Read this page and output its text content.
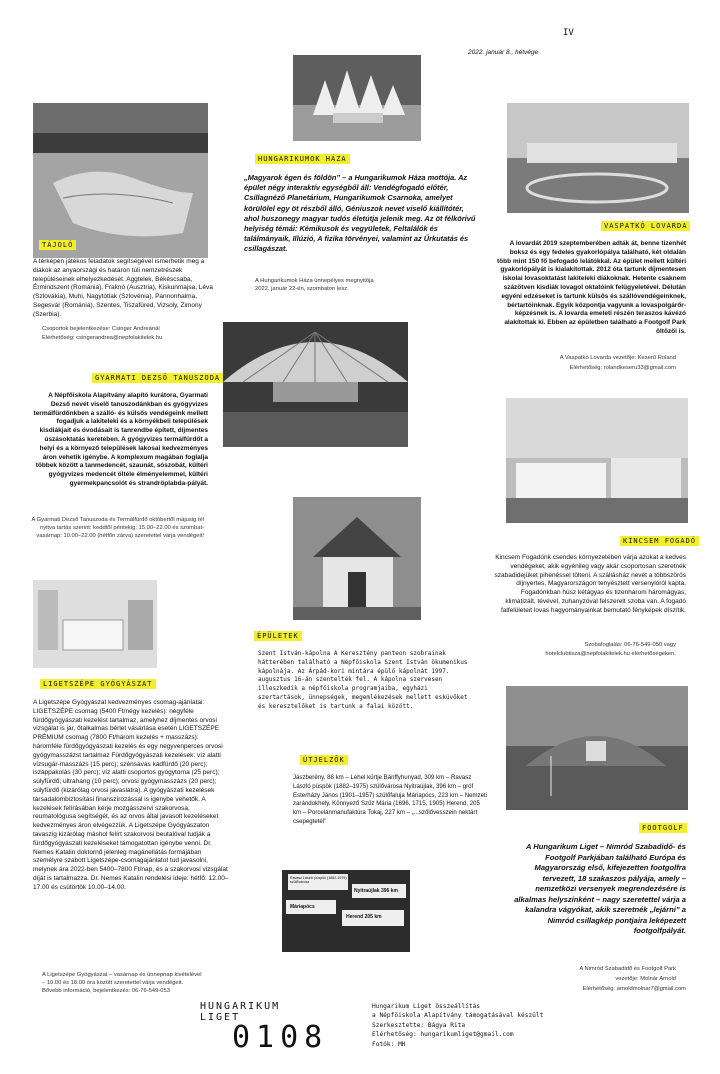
IV
2022. január 8., hétvége
Ravasz László püspök (1882-1975) szülővárosa
Nyitraújlak 396 km
Herend 205 km
Máriapócs
TÁJOLÓ
A térképen játékos feladatok segítségével ismerhetik meg a diákok az anyaországi és határon túli nemzetrészek településeinek elhelyezkedését. Aggtelek, Békéscsaba, Érmindszent (Románia), Fraknó (Ausztria), Kiskunmajsa, Léva (Szlovákia), Muhi, Nagytótlak (Szlovénia), Pannonhalma, Segesvár (Románia), Szentes, Tiszafüred, Vizsoly, Zimony (Szerbia).
Csoportok bejelentkezése: Csinger Andreánál
Elérhetőség: csingerandrea@nepfolakitelek.hu
HUNGARIKUMOK HÁZA
„Magyarok égen és földön” – a Hungarikumok Háza mottója. Az épület négy interaktív egységből áll: Vendégfogadó előtér, Csillagnéző Planetárium, Hungarikumok Csarnoka, amelyet körülölel egy öt részből álló, Géniuszok nevet viselő kiállítótér, ahol huszonegy magyar tudós életútja jelenik meg. Az öt félkörívű helyiség témái: Kémikusok és vegyületek, Feltalálók és találmányaik, Illúzió, A fizika törvényei, valamint az Űrkutatás és csillagászat.
A Hungarikumok Háza ünnepélyes megnyitója 2022. január 22-én, szombaton lesz.
VASPATKÓ LOVARDA
A lovardát 2019 szeptemberében adták át, benne tizenhét boksz és egy fedeles gyakorlópálya található, két oldalán több mint 150 fő befogadó lelátókkal. Az épület mellett kültéri gyakorlópályát is kialakítottak. 2012 óta tartunk díjmentesen iskolai lovasoktatást lakiteleki diákoknak. Hetente csaknem százötven kisdiák lovagol oktatóink felügyeletével. Délután egyéni edzéseket is tartunk külsős és szállóvendégeinknek, bértartóinknak. Egyik központja vagyunk a lovaspolgárőr-képzésnek is. A lovarda emeleti részén teraszos kávézó alakítottak ki. Ebben az épületben található a Footgolf Park öltözői is.
A Vaspatkó Lovarda vezetője: Keserű Roland
Elérhetőség: rolandkeseru33@gmail.com
GYARMATI DEZSŐ TANUSZODA
A Népfőiskola Alapítvány alapító kurátora, Gyarmati Dezső nevét viselő tanuszodánkban és gyógyvizes termálfürdőnkben a szálló- és külsős vendégeink mellett fogadjuk a lakiteleki és a környékbeli települések kisdiákjait és óvodásait is tanrendbe épített, díjmentes úszásoktatás keretében. A gyógyvizes termálfürdőt a helyi és a környező települések lakosai kedvezményes áron vehetik igénybe. A komplexum magában foglalja többek között a tanmedencét, szaunát, sószobát, kültéri gyógyvizes medencét öltéle élményelemmel, kültéri gyermekpancsolót és strandröplabda-pályát.
A Gyarmati Dezső Tanuszoda és Termálfürdő októbertől májusig tél nyitva tartás szerint: keddtől péntekig: 15.00–22.00 és szombat-vasárnap: 10.00–22.00 (hétfőn zárva) szeretettel várja vendégeit!
KINCSEM FOGADÓ
Kincsem Fogadónk csendes környezetében várja azokat a kedves vendégeket, akik egyénileg vagy akár csoportosan szeretnék szabadidejüket pihenéssel tölteni. A szállásház nevét a többszörös díjnyertes, Magyarországon tenyésztett versenylóról kapta. Fogadónkban húsz kétágyas és tizenhárom háromágyas, klimatizált, tévével, zuhanyzóval felszerelt szoba van. A fogadó falfelületeit lovas hagyományainkat bemutató fényképek díszítik.
Szobafoglalás: 06-76-549-050 vagy
hotelclubtisza@nepfolakitelek.hu elérhetőségeken.
ÉPÜLETEK
Szent István-kápolna A Keresztény panteon szobrainak hátterében található a Népfőiskola Szent István ökumenikus kápolnája. Az Árpád-kori mintára épülő kápolnát 1997. augusztus 16-án szentelték fel. A kápolna szervesen illeszkedik a népfőiskola programjaiba, egyházi szertartások, ünnepségek, megemlékezések mellett esküvőket és keresztelőket is tartunk a falai között.
LIGETSZÉPE GYÓGYÁSZAT
A Ligetszépe Gyógyászat kedvezményes csomag-ajánlatai: LIGETSZÉPE csomag (5400 Ft/négy kezelés): négyféle fürdőgyógyászati kezelést tartalmaz, amelyhez díjmentes orvosi vizsgálat is jár, őtalkalmas bérlet vásárlása esetén LIGETSZÉPE PRÉMIUM csomag (7800 Ft/három kezelés + masszázs): háromféle fürdőgyógyászati kezelés és egy negyvenperces orvosi gyógymasszázst tartalmaz Fürdőgyógyászati kezelések: víz alatti vízsugár-masszázs (15 perc); szénsavas kádfürdő (20 perc); iszappakolás (30 perc); víz alatti csoportos gyógytorna (25 perc); súlyfürdő; ultrahang (10 perc); orvosi gyógymasszázs (20 perc); súlyfürdő (kizárólag orvosi javaslatra). A gyógyászati kezelések társadalombiztosítási finanszírozással is igénybe vehetők. A kezelések felírásában kérje mozgásszervi szakorvosa, reumatológusa segítségét, és az orvos által javasolt kezeléseket kedvezményes áron elvégezzük. A Ligetszépe Gyógyászaton tavaszig kizárólag máshol felírt szakorvosi beutalóval tudják a fürdőgyógyászati kezeléseket támogatottan igénybe venni. Dr. Nemes Katalin doktornő jelenleg magánellátás formájában személyre szabott Ligetszépe-csomagajánlatot tud javasolni, melynek ára 2022-ben 5400–7800 Ft/nap, és a szakorvosi vizsgálat díját is tartalmazza. Dr. Nemes Katalin rendelési ideje: hétfő: 12.00–17.00 és csütörtök 10.00–14.00.
A Ligetszépe Gyógyászat – vasárnap és ünnepnap kivételével – 10.00 és 18.00 óra között szeretettel várja vendégeit. Bővebb információ, bejelentkezés: 06-76-549-053
ÚTJELZŐK
Jászberény, 88 km – Lehel kürtje Bánffyhunyad, 309 km – Ravasz László püspök (1882–1975) szülővárosa Nyitraújlak, 396 km – gróf Esterházy János (1901–1957) szülőfaluja Máriapócs, 223 km – Nemzeti zarándokhely, Könnyező Szűz Mária (1696, 1715, 1905) Herend, 205 km – Porcelánmanufaktúra Tokaj, 227 km – „...szőlővesszein nektárt csepegtetél”
FOOTGOLF
A Hungarikum Liget – Nimród Szabadidő- és Footgolf Parkjában található Európa és Magyarország első, kifejezetten footgolfra tervezett, 18 szakaszos pályája, amely – nemzetközi versenyek megrendezésére is alkalmas helyszínként – nagy szeretettel várja a kalandra vágyókat, akik szeretnék „lejárni” a Nimród csillagkép pontjaira leképezett footgolfpályát.
A Nimród Szabadidő és Footgolf Park
vezetője: Molnár Arnold
Elérhetőség: arnoldmolnar7@gmail.com
HUNGARIKUM
LIGET
0108
Hungarikum Liget összeállítás
a Népfőiskola Alapítvány támogatásával készült
Szerkesztette: Bágya Rita
Elérhetőség: hungarikumliget@gmail.com
Fotók: MH
